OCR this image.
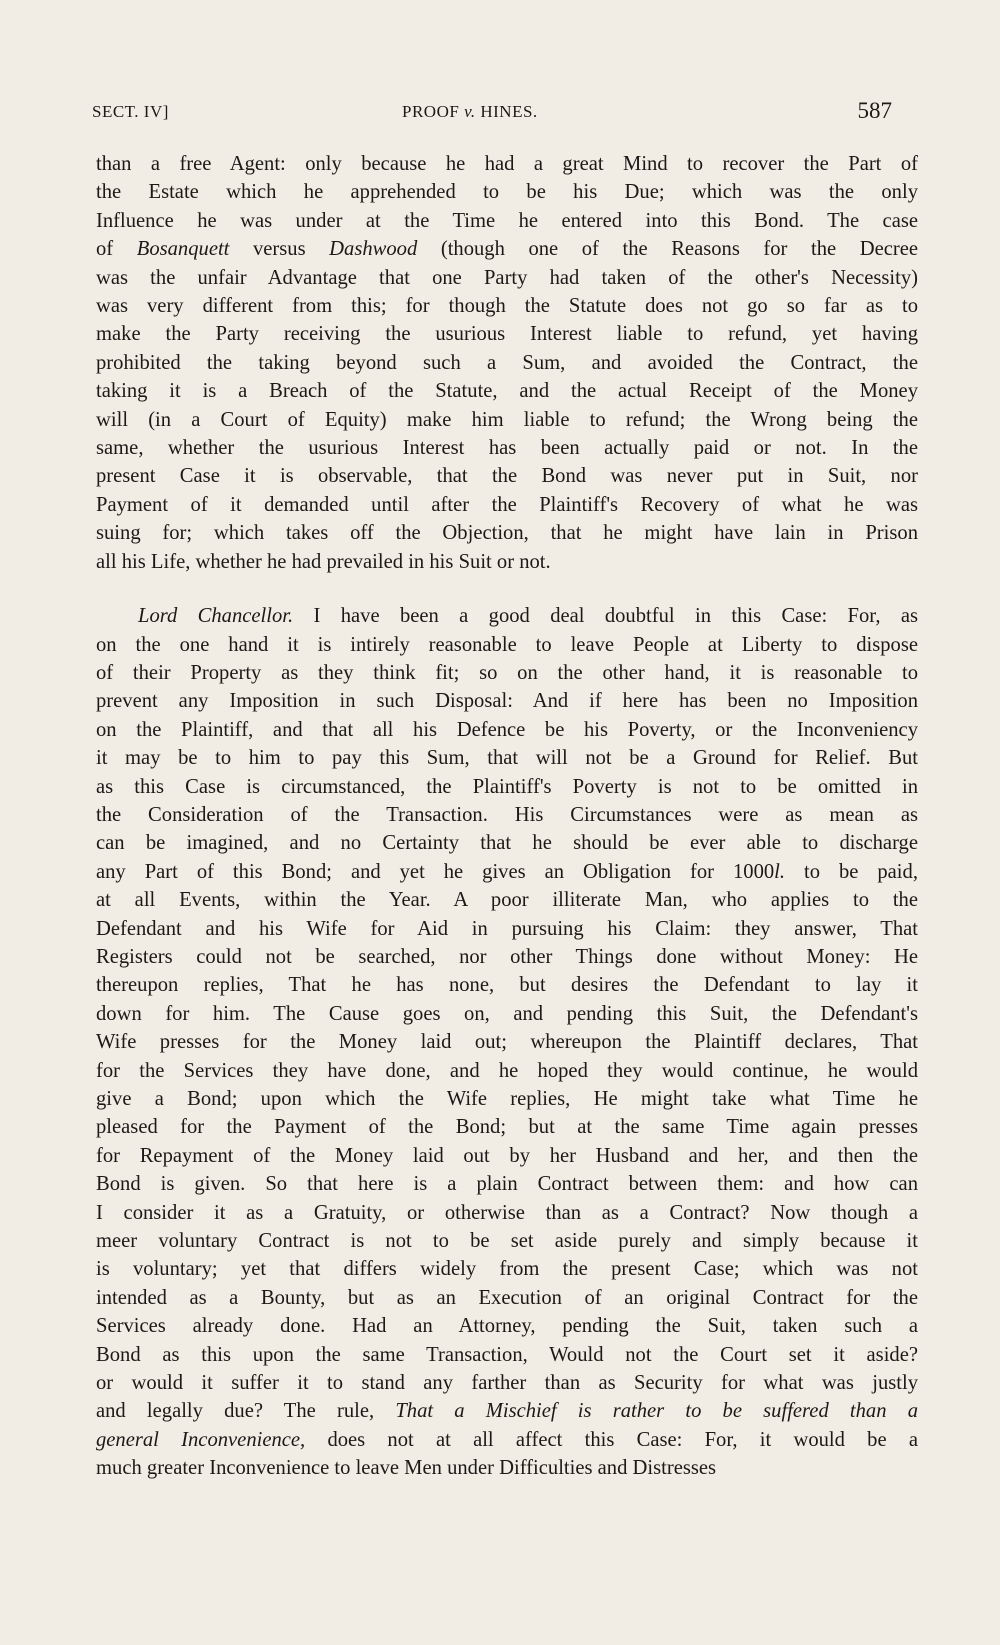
SECT. IV]	PROOF v. HINES.	587
than a free Agent: only because he had a great Mind to recover the Part of
the Estate which he apprehended to be his Due; which was the only
Influence he was under at the Time he entered into this Bond. The case
of Bosanquett versus Dashwood (though one of the Reasons for the Decree
was the unfair Advantage that one Party had taken of the other's Necessity)
was very different from this; for though the Statute does not go so far as to
make the Party receiving the usurious Interest liable to refund, yet having
prohibited the taking beyond such a Sum, and avoided the Contract, the
taking it is a Breach of the Statute, and the actual Receipt of the Money
will (in a Court of Equity) make him liable to refund; the Wrong being the
same, whether the usurious Interest has been actually paid or not. In the
present Case it is observable, that the Bond was never put in Suit, nor
Payment of it demanded until after the Plaintiff's Recovery of what he was
suing for; which takes off the Objection, that he might have lain in Prison
all his Life, whether he had prevailed in his Suit or not.
Lord Chancellor. I have been a good deal doubtful in this Case: For, as
on the one hand it is intirely reasonable to leave People at Liberty to dispose
of their Property as they think fit; so on the other hand, it is reasonable to
prevent any Imposition in such Disposal: And if here has been no Imposition
on the Plaintiff, and that all his Defence be his Poverty, or the Inconveniency
it may be to him to pay this Sum, that will not be a Ground for Relief. But
as this Case is circumstanced, the Plaintiff's Poverty is not to be omitted in
the Consideration of the Transaction. His Circumstances were as mean as
can be imagined, and no Certainty that he should be ever able to discharge
any Part of this Bond; and yet he gives an Obligation for 1000l. to be paid,
at all Events, within the Year. A poor illiterate Man, who applies to the
Defendant and his Wife for Aid in pursuing his Claim: they answer, That
Registers could not be searched, nor other Things done without Money: He
thereupon replies, That he has none, but desires the Defendant to lay it
down for him. The Cause goes on, and pending this Suit, the Defendant's
Wife presses for the Money laid out; whereupon the Plaintiff declares, That
for the Services they have done, and he hoped they would continue, he would
give a Bond; upon which the Wife replies, He might take what Time he
pleased for the Payment of the Bond; but at the same Time again presses
for Repayment of the Money laid out by her Husband and her, and then the
Bond is given. So that here is a plain Contract between them: and how can
I consider it as a Gratuity, or otherwise than as a Contract? Now though a
meer voluntary Contract is not to be set aside purely and simply because it
is voluntary; yet that differs widely from the present Case; which was not
intended as a Bounty, but as an Execution of an original Contract for the
Services already done. Had an Attorney, pending the Suit, taken such a
Bond as this upon the same Transaction, Would not the Court set it aside?
or would it suffer it to stand any farther than as Security for what was justly
and legally due? The rule, That a Mischief is rather to be suffered than a
general Inconvenience, does not at all affect this Case: For, it would be a
much greater Inconvenience to leave Men under Difficulties and Distresses
